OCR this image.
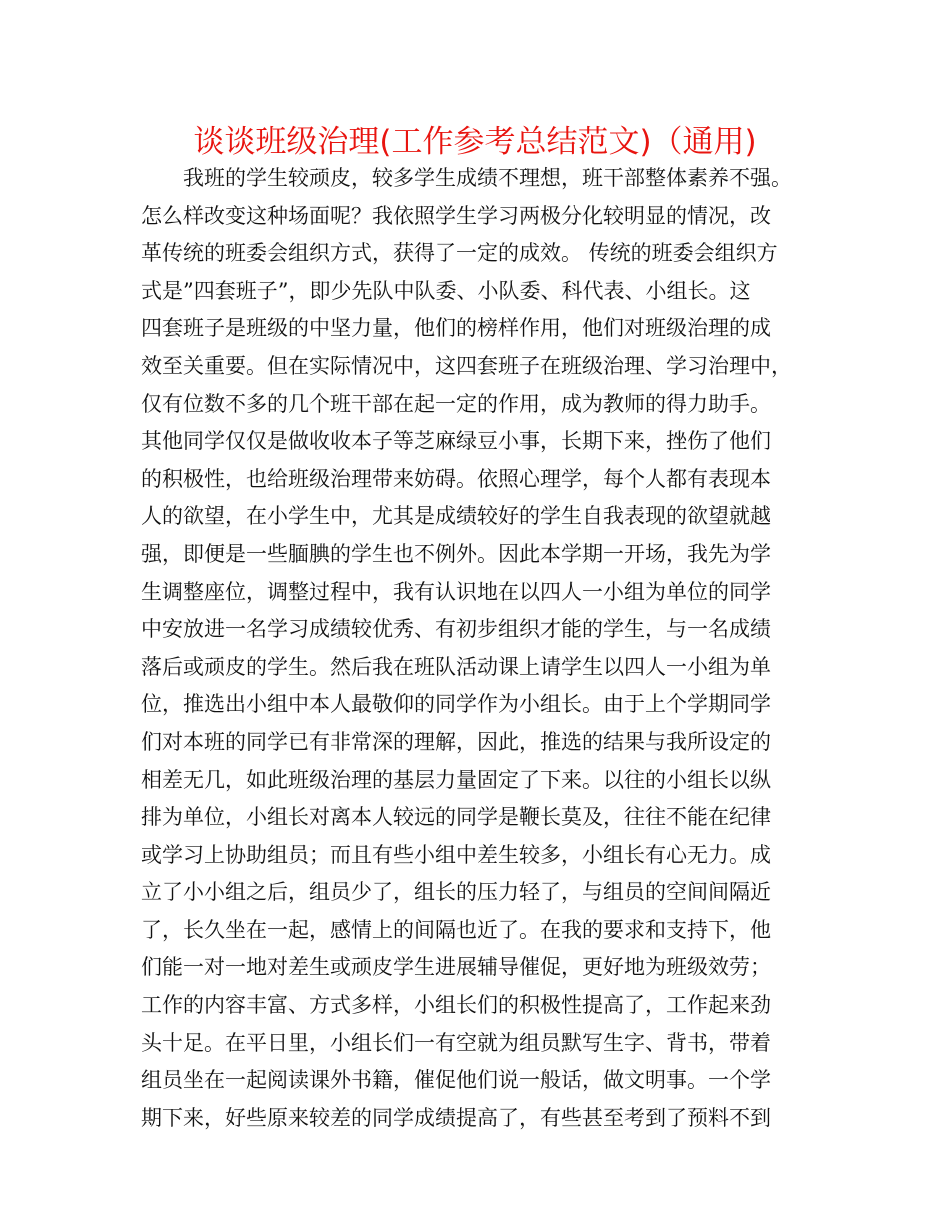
谈谈班级治理(工作参考总结范文)（通用)
　　我班的学生较顽皮，较多学生成绩不理想，班干部整体素养不强。
怎么样改变这种场面呢？我依照学生学习两极分化较明显的情况，改
革传统的班委会组织方式，获得了一定的成效。 传统的班委会组织方
式是”四套班子”，即少先队中队委、小队委、科代表、小组长。这
四套班子是班级的中坚力量，他们的榜样作用，他们对班级治理的成
效至关重要。但在实际情况中，这四套班子在班级治理、学习治理中，
仅有位数不多的几个班干部在起一定的作用，成为教师的得力助手。
其他同学仅仅是做收收本子等芝麻绿豆小事，长期下来，挫伤了他们
的积极性，也给班级治理带来妨碍。依照心理学，每个人都有表现本
人的欲望，在小学生中，尤其是成绩较好的学生自我表现的欲望就越
强，即便是一些腼腆的学生也不例外。因此本学期一开场，我先为学
生调整座位，调整过程中，我有认识地在以四人一小组为单位的同学
中安放进一名学习成绩较优秀、有初步组织才能的学生，与一名成绩
落后或顽皮的学生。然后我在班队活动课上请学生以四人一小组为单
位，推选出小组中本人最敬仰的同学作为小组长。由于上个学期同学
们对本班的同学已有非常深的理解，因此，推选的结果与我所设定的
相差无几，如此班级治理的基层力量固定了下来。以往的小组长以纵
排为单位，小组长对离本人较远的同学是鞭长莫及，往往不能在纪律
或学习上协助组员；而且有些小组中差生较多，小组长有心无力。成
立了小小组之后，组员少了，组长的压力轻了，与组员的空间间隔近
了，长久坐在一起，感情上的间隔也近了。在我的要求和支持下，他
们能一对一地对差生或顽皮学生进展辅导催促，更好地为班级效劳；
工作的内容丰富、方式多样，小组长们的积极性提高了，工作起来劲
头十足。在平日里，小组长们一有空就为组员默写生字、背书，带着
组员坐在一起阅读课外书籍，催促他们说一般话，做文明事。一个学
期下来，好些原来较差的同学成绩提高了，有些甚至考到了预料不到
